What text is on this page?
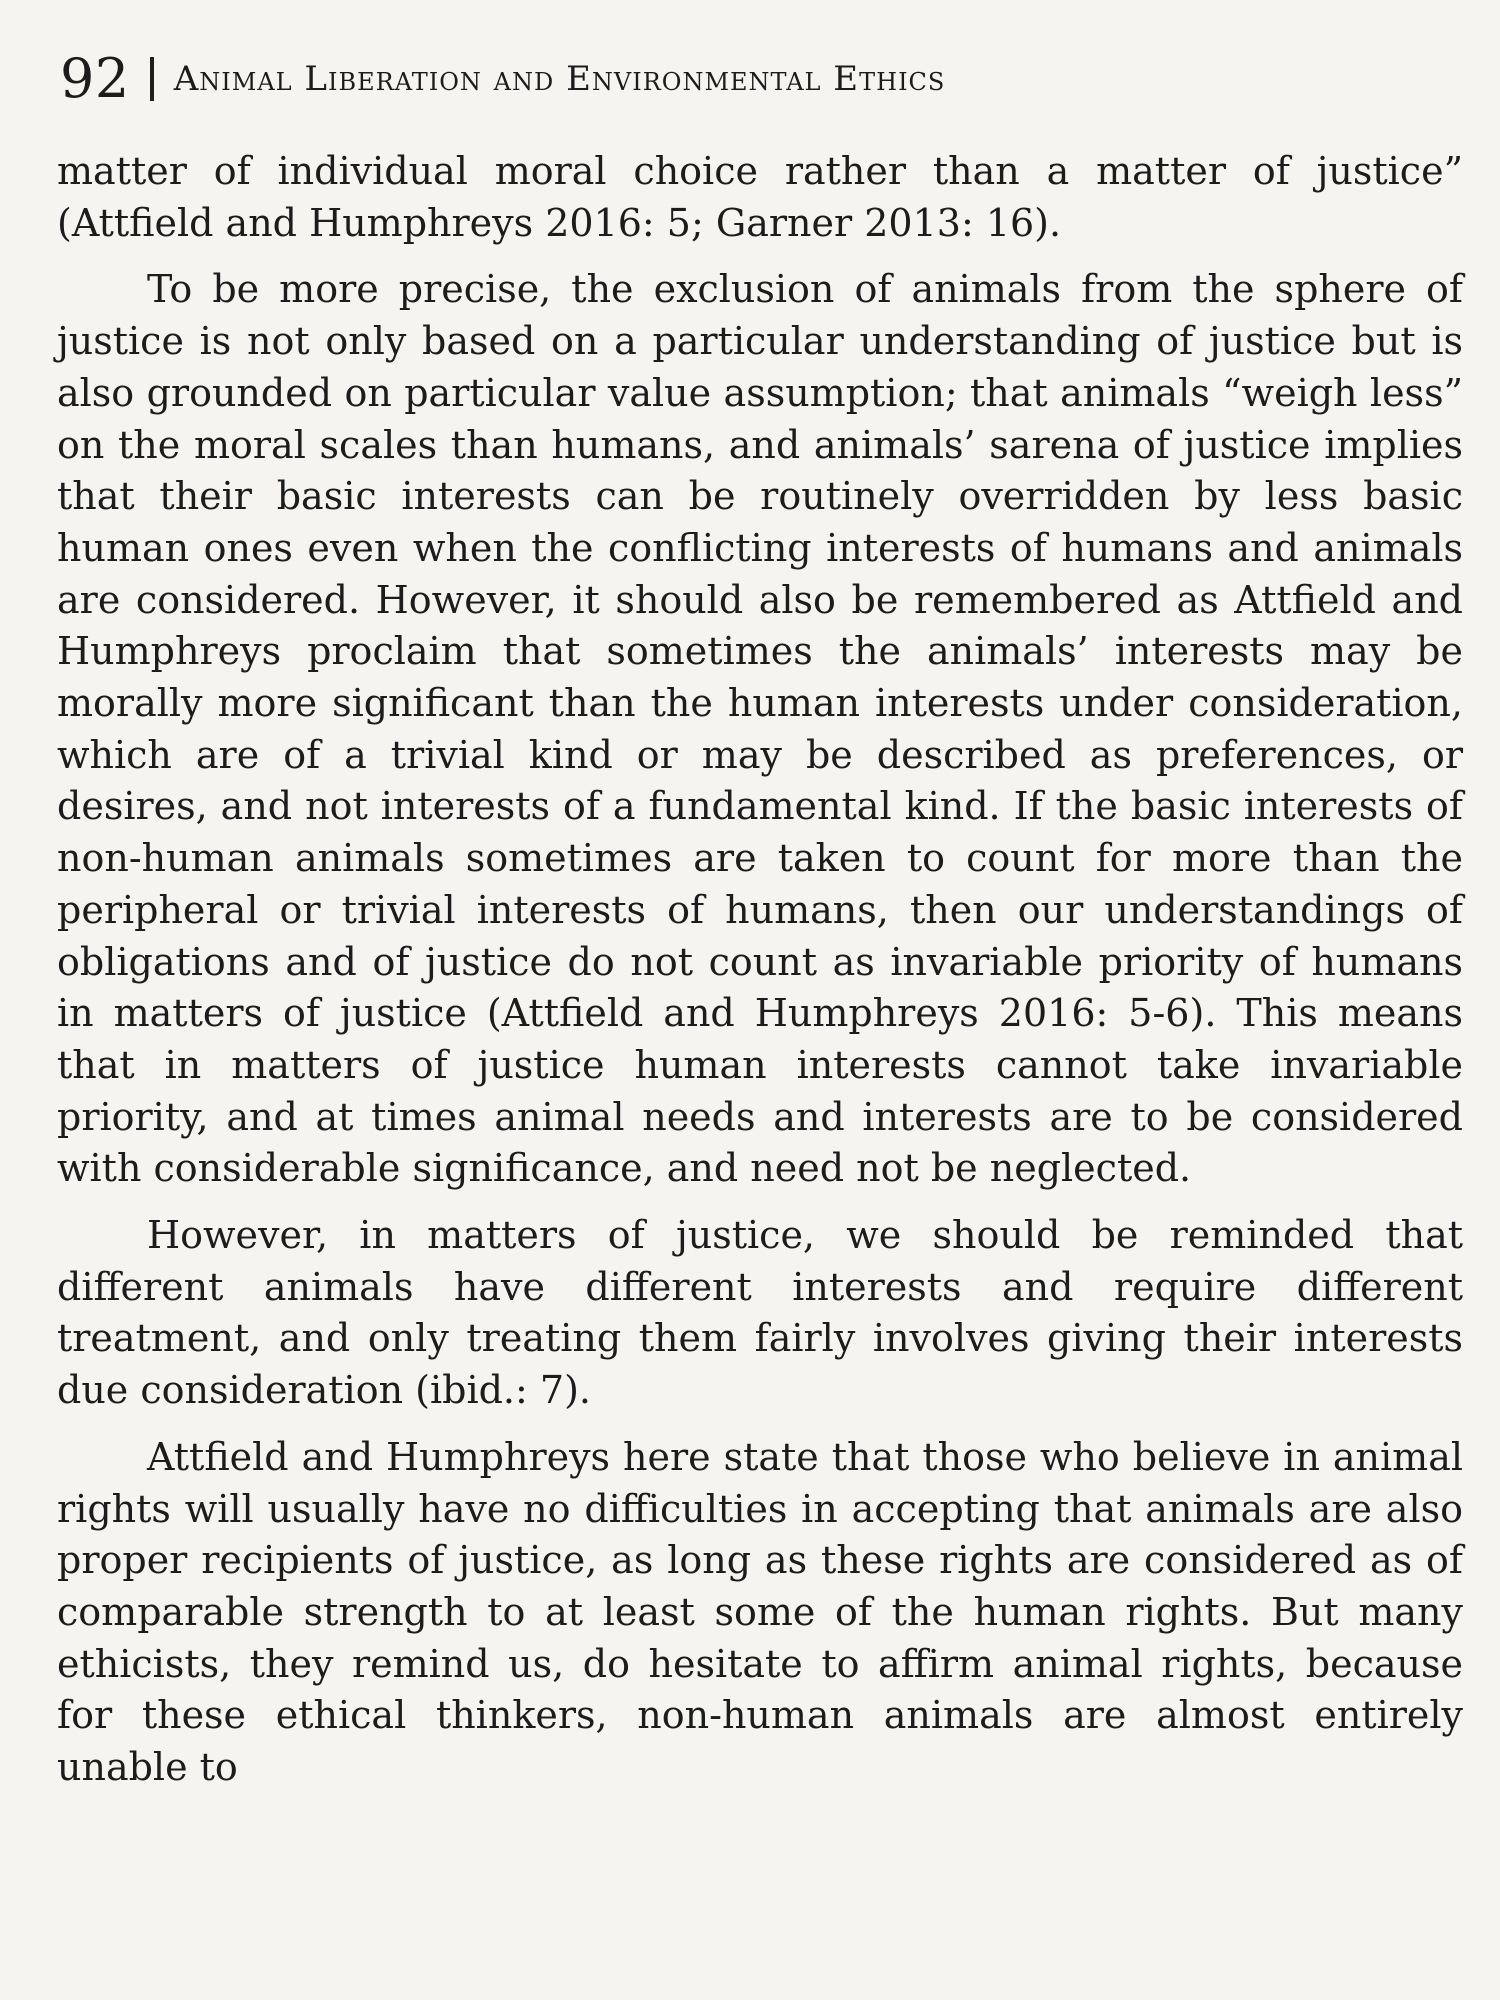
92 Animal Liberation and Environmental Ethics

matter of individual moral choice rather than a matter of justice” (Attfield and Humphreys 2016: 5; Garner 2013: 16).

To be more precise, the exclusion of animals from the sphere of justice is not only based on a particular understanding of justice but is also grounded on particular value assumption; that animals “weigh less” on the moral scales than humans, and animals’ sarena of justice implies that their basic interests can be routinely overridden by less basic human ones even when the conflicting interests of humans and animals are considered. However, it should also be remembered as Attfield and Humphreys proclaim that sometimes the animals’ interests may be morally more significant than the human interests under consideration, which are of a trivial kind or may be described as preferences, or desires, and not interests of a fundamental kind. If the basic interests of non-human animals sometimes are taken to count for more than the peripheral or trivial interests of humans, then our understandings of obligations and of justice do not count as invariable priority of humans in matters of justice (Attfield and Humphreys 2016: 5-6). This means that in matters of justice human interests cannot take invariable priority, and at times animal needs and interests are to be considered with considerable significance, and need not be neglected.

However, in matters of justice, we should be reminded that different animals have different interests and require different treatment, and only treating them fairly involves giving their interests due consideration (ibid.: 7).

Attfield and Humphreys here state that those who believe in animal rights will usually have no difficulties in accepting that animals are also proper recipients of justice, as long as these rights are considered as of comparable strength to at least some of the human rights. But many ethicists, they remind us, do hesitate to affirm animal rights, because for these ethical thinkers, non-human animals are almost entirely unable to
